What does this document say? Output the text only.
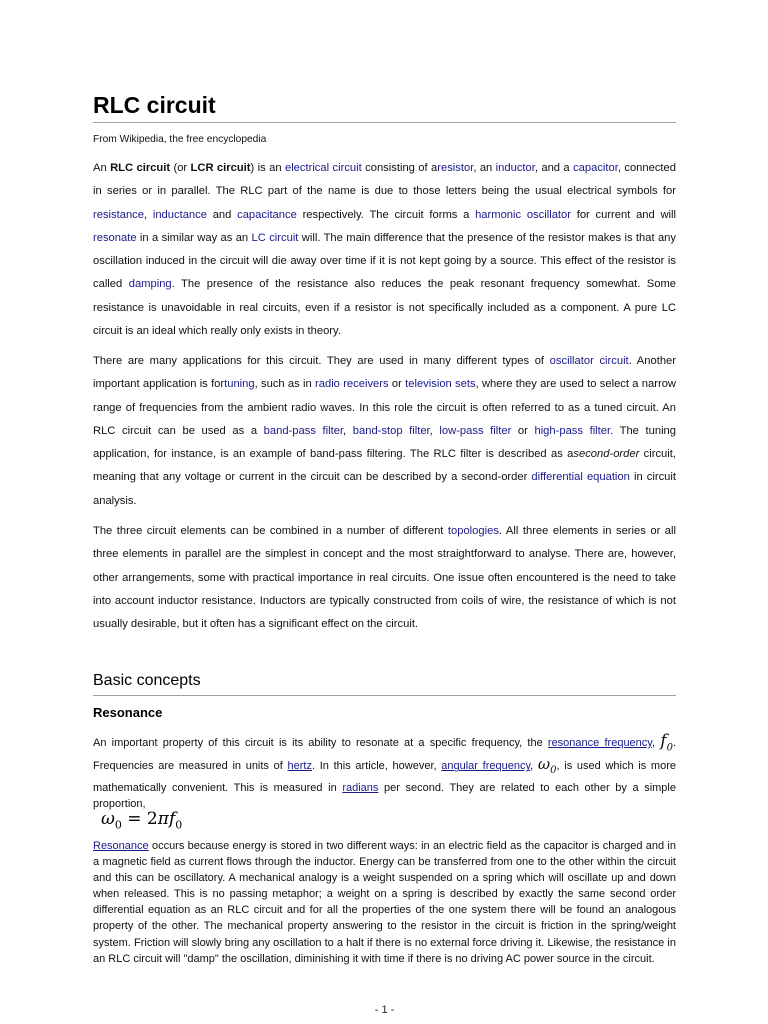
RLC circuit
From Wikipedia, the free encyclopedia
An RLC circuit (or LCR circuit) is an electrical circuit consisting of aresistor, an inductor, and a capacitor, connected in series or in parallel. The RLC part of the name is due to those letters being the usual electrical symbols for resistance, inductance and capacitance respectively. The circuit forms a harmonic oscillator for current and will resonate in a similar way as an LC circuit will. The main difference that the presence of the resistor makes is that any oscillation induced in the circuit will die away over time if it is not kept going by a source. This effect of the resistor is called damping. The presence of the resistance also reduces the peak resonant frequency somewhat. Some resistance is unavoidable in real circuits, even if a resistor is not specifically included as a component. A pure LC circuit is an ideal which really only exists in theory.
There are many applications for this circuit. They are used in many different types of oscillator circuit. Another important application is fortuning, such as in radio receivers or television sets, where they are used to select a narrow range of frequencies from the ambient radio waves. In this role the circuit is often referred to as a tuned circuit. An RLC circuit can be used as a band-pass filter, band-stop filter, low-pass filter or high-pass filter. The tuning application, for instance, is an example of band-pass filtering. The RLC filter is described as asecond-order circuit, meaning that any voltage or current in the circuit can be described by a second-order differential equation in circuit analysis.
The three circuit elements can be combined in a number of different topologies. All three elements in series or all three elements in parallel are the simplest in concept and the most straightforward to analyse. There are, however, other arrangements, some with practical importance in real circuits. One issue often encountered is the need to take into account inductor resistance. Inductors are typically constructed from coils of wire, the resistance of which is not usually desirable, but it often has a significant effect on the circuit.
Basic concepts
Resonance
An important property of this circuit is its ability to resonate at a specific frequency, the resonance frequency, $f_0$. Frequencies are measured in units of hertz. In this article, however, angular frequency, $\omega_0$, is used which is more mathematically convenient. This is measured in radians per second. They are related to each other by a simple proportion,
$\omega_0 = 2\pi f_0$
Resonance occurs because energy is stored in two different ways: in an electric field as the capacitor is charged and in a magnetic field as current flows through the inductor. Energy can be transferred from one to the other within the circuit and this can be oscillatory. A mechanical analogy is a weight suspended on a spring which will oscillate up and down when released. This is no passing metaphor; a weight on a spring is described by exactly the same second order differential equation as an RLC circuit and for all the properties of the one system there will be found an analogous property of the other. The mechanical property answering to the resistor in the circuit is friction in the spring/weight system. Friction will slowly bring any oscillation to a halt if there is no external force driving it. Likewise, the resistance in an RLC circuit will "damp" the oscillation, diminishing it with time if there is no driving AC power source in the circuit.
- 1 -
